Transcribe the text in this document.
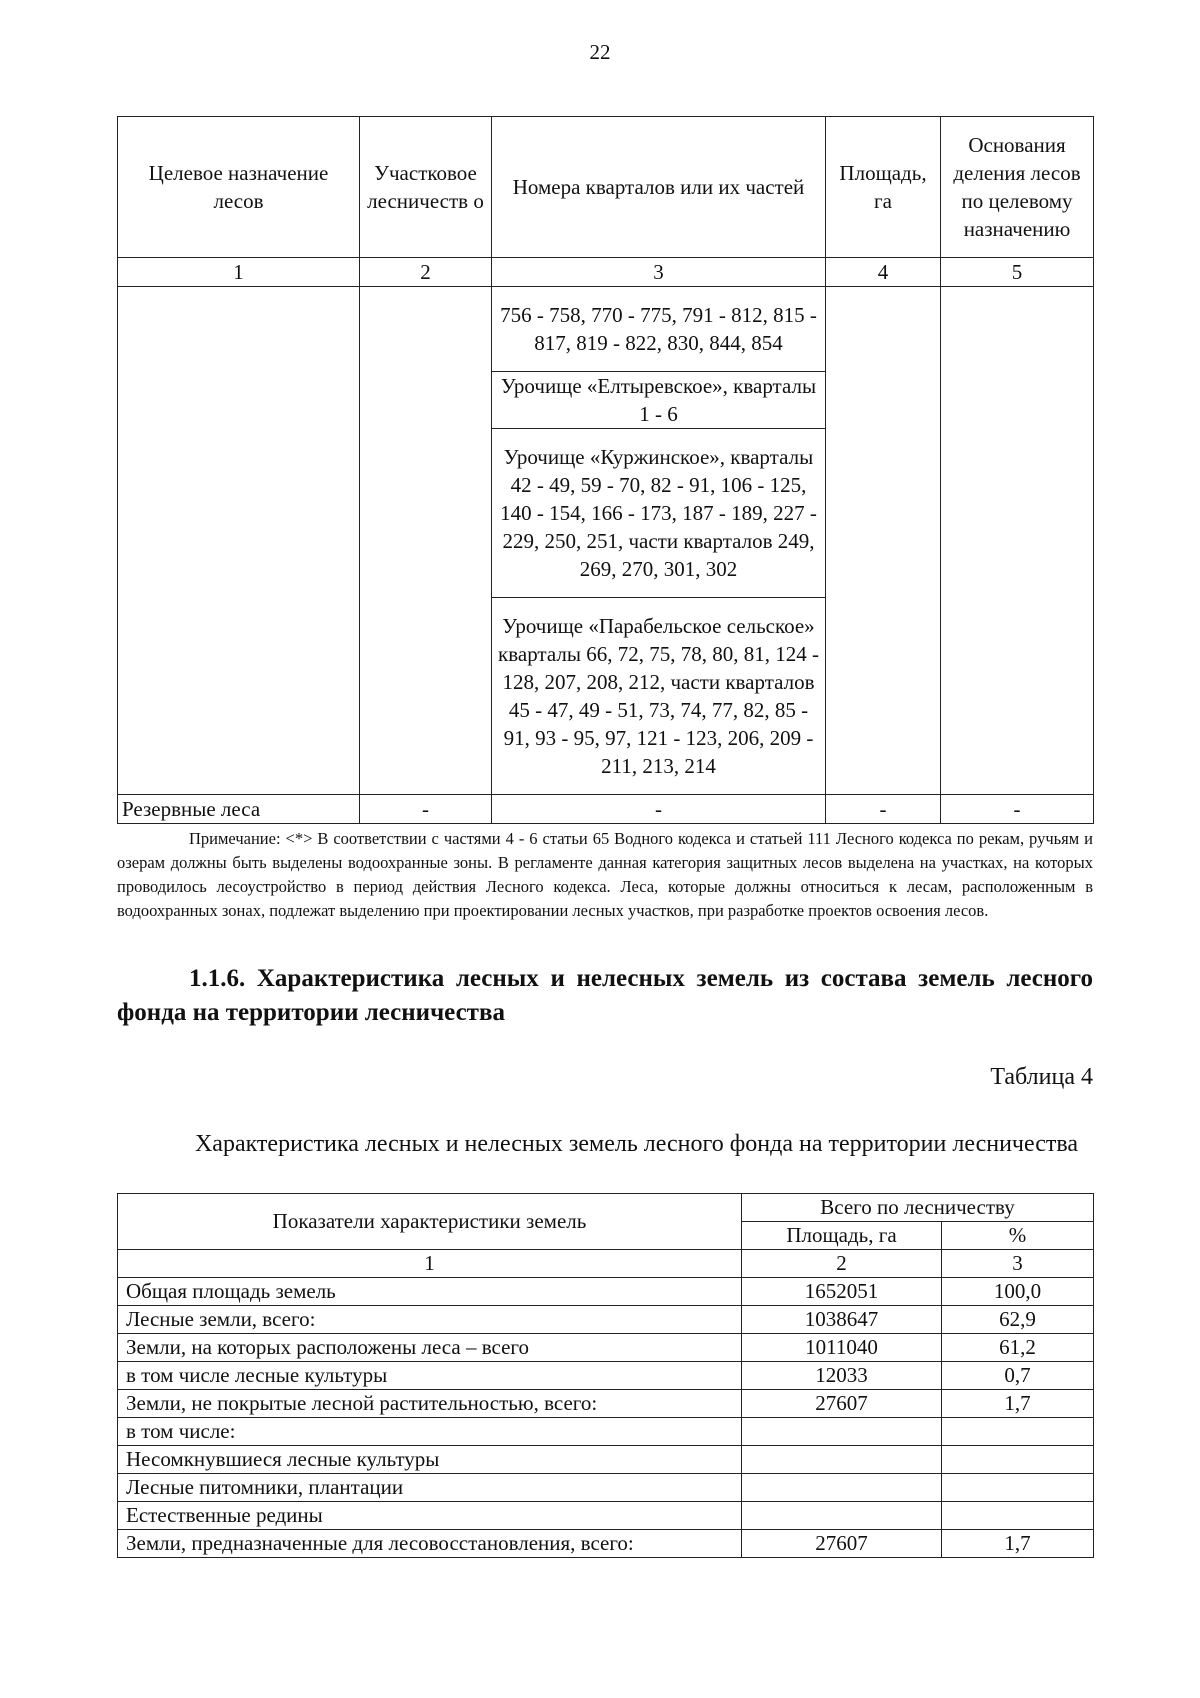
22
Целевое назначение лесов	Участковое лесничеств о	Номера кварталов или их частей	Площадь, га	Основания деления лесов по целевому назначению
1	2	3	4	5
		756 - 758, 770 - 775, 791 - 812, 815 - 817, 819 - 822, 830, 844, 854		
		Урочище «Елтыревское», кварталы 1 - 6		
		Урочище «Куржинское», кварталы 42 - 49, 59 - 70, 82 - 91, 106 - 125, 140 - 154, 166 - 173, 187 - 189, 227 - 229, 250, 251, части кварталов 249, 269, 270, 301, 302		
		Урочище «Парабельское сельское» кварталы 66, 72, 75, 78, 80, 81, 124 - 128, 207, 208, 212, части кварталов 45 - 47, 49 - 51, 73, 74, 77, 82, 85 - 91, 93 - 95, 97, 121 - 123, 206, 209 - 211, 213, 214		
Резервные леса	-	-	-	-
Примечание: <*> В соответствии с частями 4 - 6 статьи 65 Водного кодекса и статьей 111 Лесного кодекса по рекам, ручьям и озерам должны быть выделены водоохранные зоны. В регламенте данная категория защитных лесов выделена на участках, на которых проводилось лесоустройство в период действия Лесного кодекса. Леса, которые должны относиться к лесам, расположенным в водоохранных зонах, подлежат выделению при проектировании лесных участков, при разработке проектов освоения лесов.
1.1.6. Характеристика лесных и нелесных земель из состава земель лесного фонда на территории лесничества
Таблица 4
Характеристика лесных и нелесных земель лесного фонда на территории лесничества
Показатели характеристики земель	Всего по лесничеству	
	Площадь, га	%
1	2	3
Общая площадь земель	1652051	100,0
Лесные земли, всего:	1038647	62,9
Земли, на которых расположены леса – всего	1011040	61,2
в том числе лесные культуры	12033	0,7
Земли, не покрытые лесной растительностью, всего:	27607	1,7
в том числе:		
Несомкнувшиеся лесные культуры		
Лесные питомники, плантации		
Естественные редины		
Земли, предназначенные для лесовосстановления, всего:	27607	1,7
